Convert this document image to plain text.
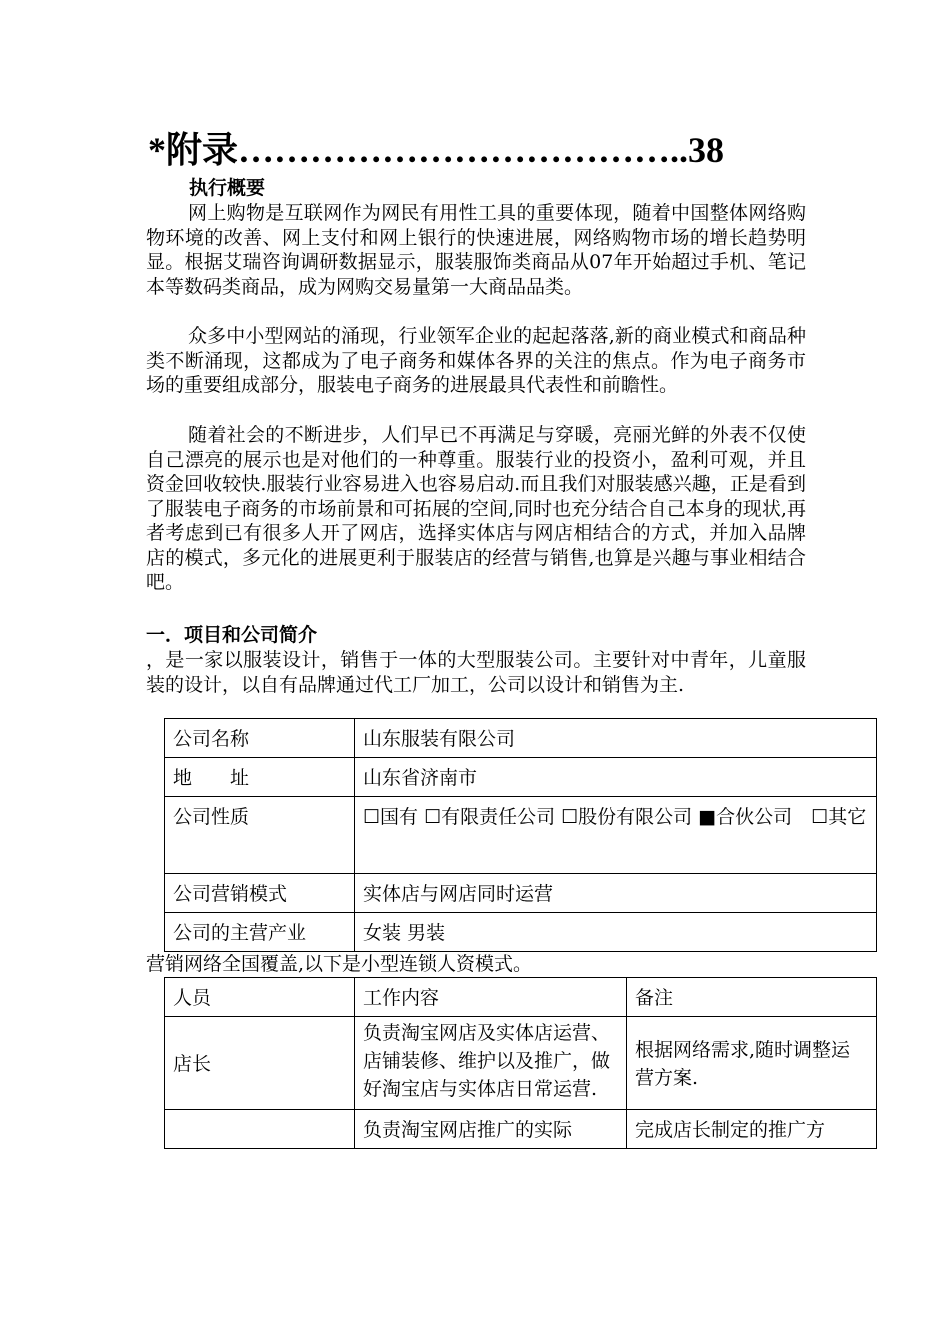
*附录………………………………..38
执行概要
网上购物是互联网作为网民有用性工具的重要体现，随着中国整体网络购物环境的改善、网上支付和网上银行的快速进展，网络购物市场的增长趋势明显。根据艾瑞咨询调研数据显示，服装服饰类商品从07年开始超过手机、笔记本等数码类商品，成为网购交易量第一大商品品类。
众多中小型网站的涌现，行业领军企业的起起落落,新的商业模式和商品种类不断涌现，这都成为了电子商务和媒体各界的关注的焦点。作为电子商务市场的重要组成部分，服装电子商务的进展最具代表性和前瞻性。
随着社会的不断进步，人们早已不再满足与穿暖，亮丽光鲜的外表不仅使自己漂亮的展示也是对他们的一种尊重。服装行业的投资小，盈利可观，并且资金回收较快.服装行业容易进入也容易启动.而且我们对服装感兴趣，正是看到了服装电子商务的市场前景和可拓展的空间,同时也充分结合自己本身的现状,再者考虑到已有很多人开了网店，选择实体店与网店相结合的方式，并加入品牌店的模式，多元化的进展更利于服装店的经营与销售,也算是兴趣与事业相结合吧。
一．项目和公司简介
，是一家以服装设计，销售于一体的大型服装公司。主要针对中青年，儿童服装的设计，以自有品牌通过代工厂加工，公司以设计和销售为主.
公司名称	山东服装有限公司
地　　址	山东省济南市
公司性质	☐国有 ☐有限责任公司 ☐股份有限公司 ■合伙公司　☐其它
公司营销模式	实体店与网店同时运营
公司的主营产业	女装 男装
营销网络全国覆盖,以下是小型连锁人资模式。
人员	工作内容	备注
店长	负责淘宝网店及实体店运营、店铺装修、维护以及推广，做好淘宝店与实体店日常运营.	根据网络需求,随时调整运营方案.
	负责淘宝网店推广的实际	完成店长制定的推广方
